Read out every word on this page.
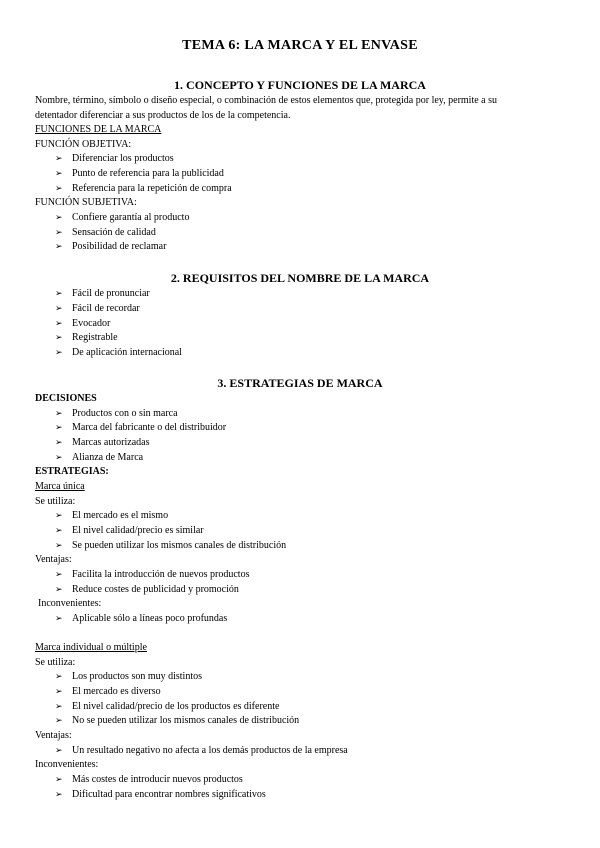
TEMA 6: LA MARCA Y EL ENVASE
1. CONCEPTO Y FUNCIONES DE LA MARCA
Nombre, término, símbolo o diseño especial, o combinación de estos elementos que, protegida por ley, permite a su
detentador diferenciar a sus productos de los de la competencia.
FUNCIONES DE LA MARCA
FUNCIÓN OBJETIVA:
➢ Diferenciar los productos
➢ Punto de referencia para la publicidad
➢ Referencia para la repetición de compra
FUNCIÓN SUBJETIVA:
➢ Confiere garantía al producto
➢ Sensación de calidad
➢ Posibilidad de reclamar
2. REQUISITOS DEL NOMBRE DE LA MARCA
➢ Fácil de pronunciar
➢ Fácil de recordar
➢ Evocador
➢ Registrable
➢ De aplicación internacional
3. ESTRATEGIAS DE MARCA
DECISIONES
➢ Productos con o sin marca
➢ Marca del fabricante o del distribuidor
➢ Marcas autorizadas
➢ Alianza de Marca
ESTRATEGIAS:
Marca única
Se utiliza:
➢ El mercado es el mismo
➢ El nivel calidad/precio es similar
➢ Se pueden utilizar los mismos canales de distribución
Ventajas:
➢ Facilita la introducción de nuevos productos
➢ Reduce costes de publicidad y promoción
Inconvenientes:
➢ Aplicable sólo a líneas poco profundas
Marca individual o múltiple
Se utiliza:
➢ Los productos son muy distintos
➢ El mercado es diverso
➢ El nivel calidad/precio de los productos es diferente
➢ No se pueden utilizar los mismos canales de distribución
Ventajas:
➢ Un resultado negativo no afecta a los demás productos de la empresa
Inconvenientes:
➢ Más costes de introducir nuevos productos
➢ Dificultad para encontrar nombres significativos
